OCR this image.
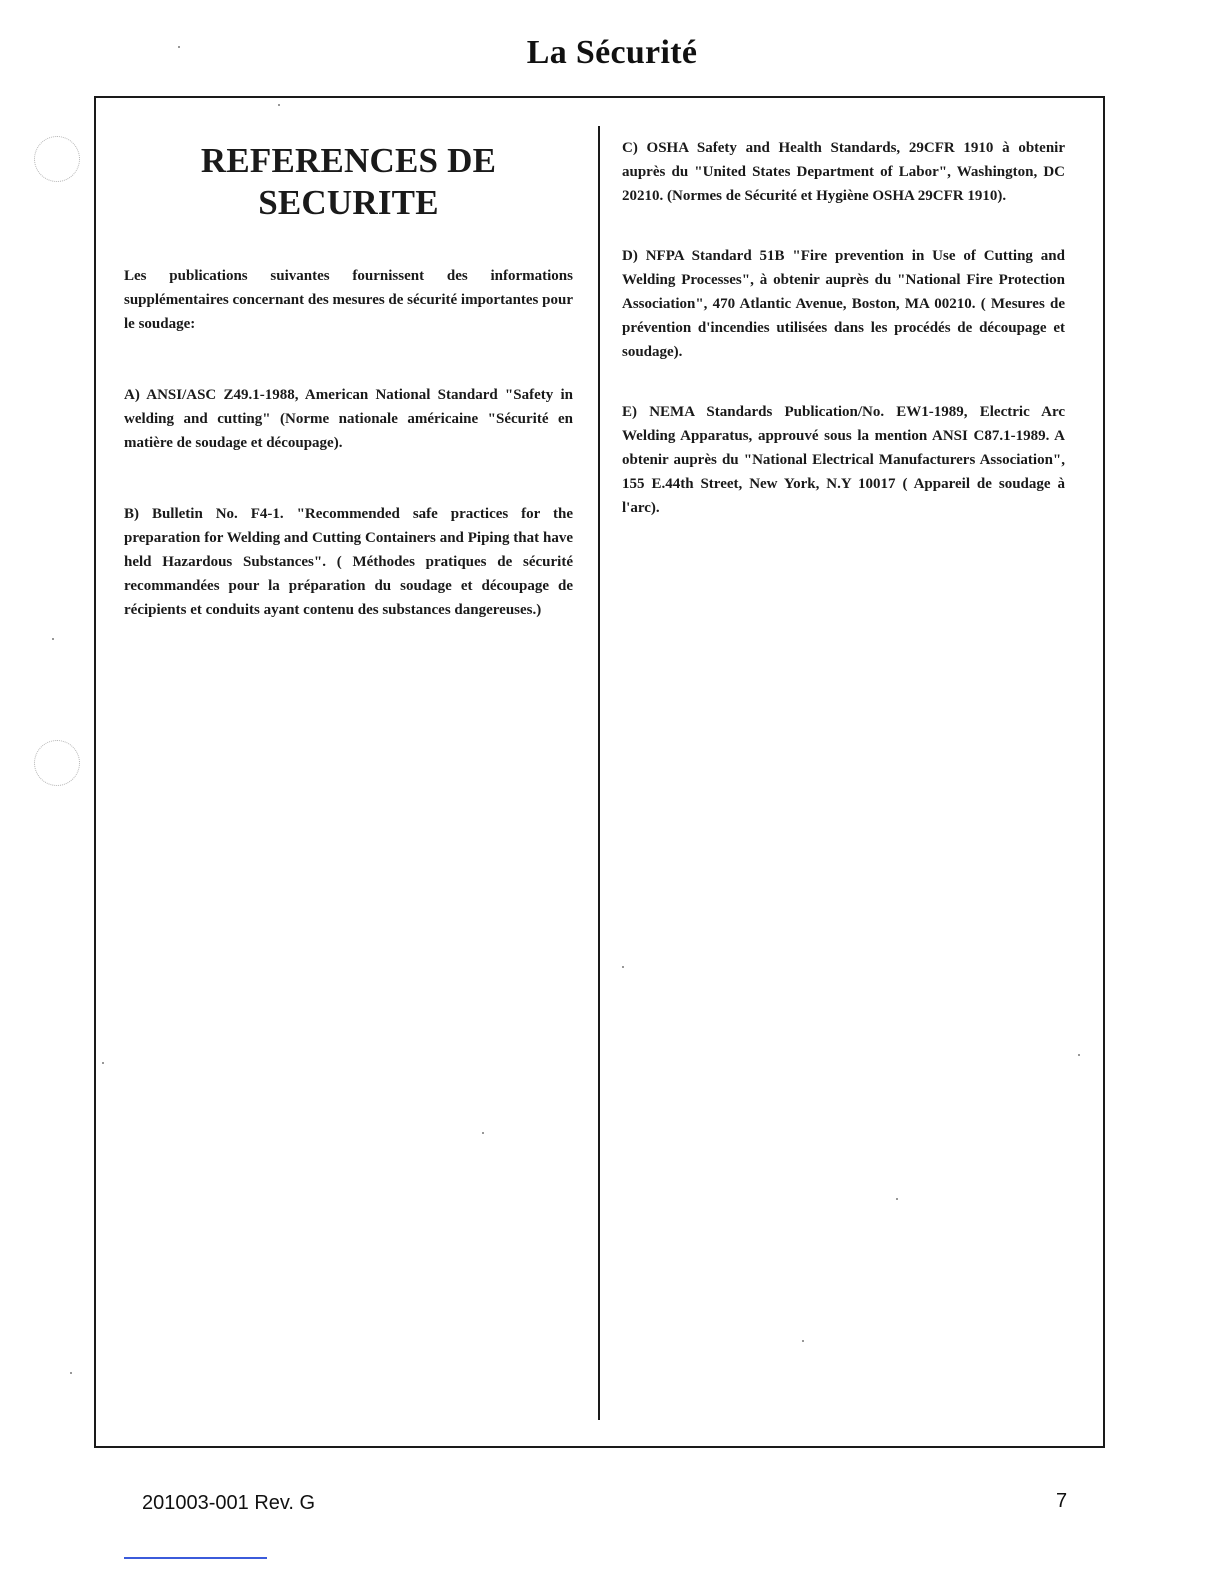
La Sécurité
REFERENCES DE
SECURITE

Les publications suivantes fournissent des informations supplémentaires concernant des mesures de sécurité importantes pour le soudage:

A) ANSI/ASC Z49.1-1988, American National Standard "Safety in welding and cutting" (Norme nationale américaine "Sécurité en matière de soudage et découpage).

B) Bulletin No. F4-1. "Recommended safe practices for the preparation for Welding and Cutting Containers and Piping that have held Hazardous Substances". ( Méthodes pratiques de sécurité recommandées pour la préparation du soudage et découpage de récipients et conduits ayant contenu des substances dangereuses.)

C) OSHA Safety and Health Standards, 29CFR 1910 à obtenir auprès du "United States Department of Labor", Washington, DC 20210. (Normes de Sécurité et Hygiène OSHA 29CFR 1910).

D) NFPA Standard 51B "Fire prevention in Use of Cutting and Welding Processes", à obtenir auprès du "National Fire Protection Association", 470 Atlantic Avenue, Boston, MA 00210. ( Mesures de prévention d'incendies utilisées dans les procédés de découpage et soudage).

E) NEMA Standards Publication/No. EW1-1989, Electric Arc Welding Apparatus, approuvé sous la mention ANSI C87.1-1989. A obtenir auprès du "National Electrical Manufacturers Association", 155 E.44th Street, New York, N.Y 10017 ( Appareil de soudage à l'arc).

201003-001 Rev. G	7
